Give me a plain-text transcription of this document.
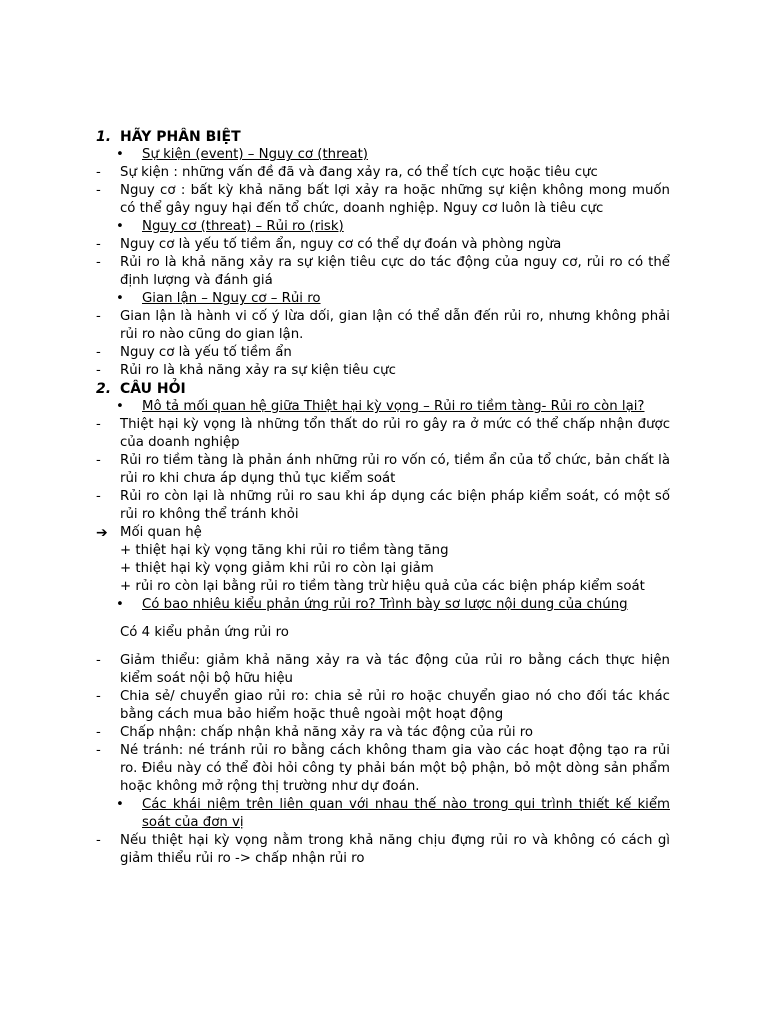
1. HÃY PHÂN BIỆT
•	Sự kiện (event) – Nguy cơ (threat)
-	Sự kiện : những vấn đề đã và đang xảy ra, có thể tích cực hoặc tiêu cực
-	Nguy cơ : bất kỳ khả năng bất lợi xảy ra hoặc những sự kiện không mong muốn có thể gây nguy hại đến tổ chức, doanh nghiệp. Nguy cơ luôn là tiêu cực
•	Nguy cơ (threat) – Rủi ro (risk)
-	Nguy cơ là yếu tố tiềm ẩn, nguy cơ có thể dự đoán và phòng ngừa
-	Rủi ro là khả năng xảy ra sự kiện tiêu cực do tác động của nguy cơ, rủi ro có thể định lượng và đánh giá
•	Gian lận – Nguy cơ – Rủi ro
-	Gian lận là hành vi cố ý lừa dối, gian lận có thể dẫn đến rủi ro, nhưng không phải rủi ro nào cũng do gian lận.
-	Nguy cơ là yếu tố tiềm ẩn
-	Rủi ro là khả năng xảy ra sự kiện tiêu cực
2. CÂU HỎI
•	Mô tả mối quan hệ giữa Thiệt hại kỳ vọng – Rủi ro tiềm tàng- Rủi ro còn lại?
-	Thiệt hại kỳ vọng là những tổn thất do rủi ro gây ra ở mức có thể chấp nhận được của doanh nghiệp
-	Rủi ro tiềm tàng là phản ánh những rủi ro vốn có, tiềm ẩn của tổ chức, bản chất là rủi ro khi chưa áp dụng thủ tục kiểm soát
-	Rủi ro còn lại là những rủi ro sau khi áp dụng các biện pháp kiểm soát, có một số rủi ro không thể tránh khỏi
➔ Mối quan hệ
+ thiệt hại kỳ vọng tăng khi rủi ro tiềm tàng tăng
+ thiệt hại kỳ vọng giảm khi rủi ro còn lại giảm
+ rủi ro còn lại bằng rủi ro tiềm tàng trừ hiệu quả của các biện pháp kiểm soát
•	Có bao nhiêu kiểu phản ứng rủi ro? Trình bày sơ lược nội dung của chúng
Có 4 kiểu phản ứng rủi ro
-	Giảm thiểu: giảm khả năng xảy ra và tác động của rủi ro bằng cách thực hiện kiểm soát nội bộ hữu hiệu
-	Chia sẻ/ chuyển giao rủi ro: chia sẻ rủi ro hoặc chuyển giao nó cho đối tác khác bằng cách mua bảo hiểm hoặc thuê ngoài một hoạt động
-	Chấp nhận: chấp nhận khả năng xảy ra và tác động của rủi ro
-	Né tránh: né tránh rủi ro bằng cách không tham gia vào các hoạt động tạo ra rủi ro. Điều này có thể đòi hỏi công ty phải bán một bộ phận, bỏ một dòng sản phẩm hoặc không mở rộng thị trường như dự đoán.
•	Các khái niệm trên liên quan với nhau thế nào trong qui trình thiết kế kiểm soát của đơn vị
-	Nếu thiệt hại kỳ vọng nằm trong khả năng chịu đựng rủi ro và không có cách gì giảm thiểu rủi ro -> chấp nhận rủi ro
